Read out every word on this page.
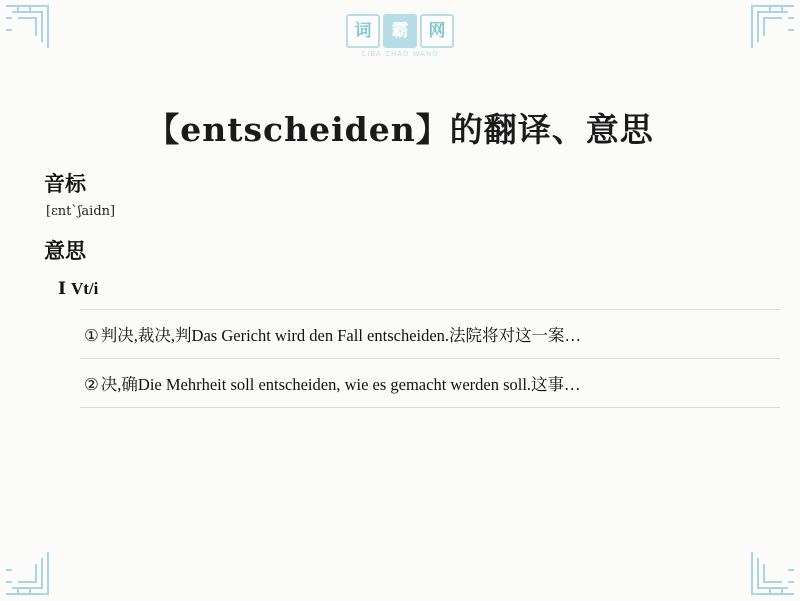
词	霸	网
CIBA ZHAO WANG
【entscheiden】的翻译、意思
音标
[ɛnt`ʃaidn]
意思
Ⅰ Vt/i
1. ① 判决,裁决,判Das Gericht wird den Fall entscheiden.法院将对这一案…
2. ② 决,确Die Mehrheit soll entscheiden, wie es gemacht werden soll.这事…
